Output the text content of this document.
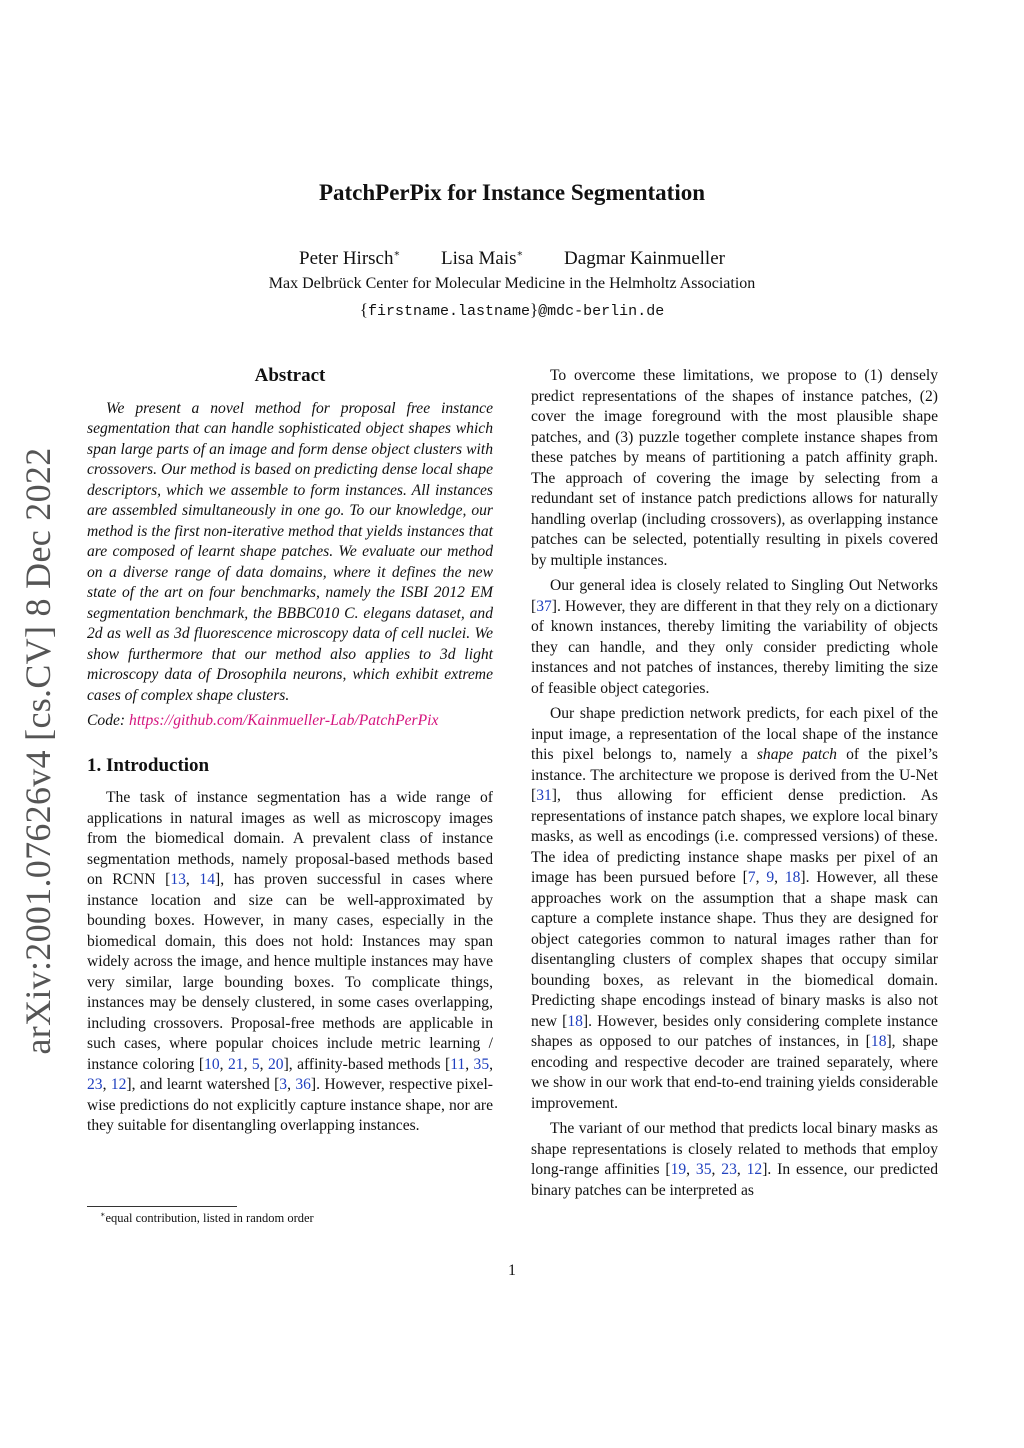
arXiv:2001.07626v4 [cs.CV] 8 Dec 2022
PatchPerPix for Instance Segmentation
Peter Hirsch∗ Lisa Mais∗ Dagmar Kainmueller
Max Delbrück Center for Molecular Medicine in the Helmholtz Association
{firstname.lastname}@mdc-berlin.de
Abstract

We present a novel method for proposal free instance segmentation that can handle sophisticated object shapes which span large parts of an image and form dense object clusters with crossovers. Our method is based on predicting dense local shape descriptors, which we assemble to form instances. All instances are assembled simultaneously in one go. To our knowledge, our method is the first non-iterative method that yields instances that are composed of learnt shape patches. We evaluate our method on a diverse range of data domains, where it defines the new state of the art on four benchmarks, namely the ISBI 2012 EM segmentation benchmark, the BBBC010 C. elegans dataset, and 2d as well as 3d fluorescence microscopy data of cell nuclei. We show furthermore that our method also applies to 3d light microscopy data of Drosophila neurons, which exhibit extreme cases of complex shape clusters.

Code: https://github.com/Kainmueller-Lab/PatchPerPix

1. Introduction

The task of instance segmentation has a wide range of applications in natural images as well as microscopy images from the biomedical domain. A prevalent class of instance segmentation methods, namely proposal-based methods based on RCNN [13, 14], has proven successful in cases where instance location and size can be well-approximated by bounding boxes. However, in many cases, especially in the biomedical domain, this does not hold: Instances may span widely across the image, and hence multiple instances may have very similar, large bounding boxes. To complicate things, instances may be densely clustered, in some cases overlapping, including crossovers. Proposal-free methods are applicable in such cases, where popular choices include metric learning / instance coloring [10, 21, 5, 20], affinity-based methods [11, 35, 23, 12], and learnt watershed [3, 36]. However, respective pixel-wise predictions do not explicitly capture instance shape, nor are they suitable for disentangling overlapping instances.

To overcome these limitations, we propose to (1) densely predict representations of the shapes of instance patches, (2) cover the image foreground with the most plausible shape patches, and (3) puzzle together complete instance shapes from these patches by means of partitioning a patch affinity graph. The approach of covering the image by selecting from a redundant set of instance patch predictions allows for naturally handling overlap (including crossovers), as overlapping instance patches can be selected, potentially resulting in pixels covered by multiple instances.

Our general idea is closely related to Singling Out Networks [37]. However, they are different in that they rely on a dictionary of known instances, thereby limiting the variability of objects they can handle, and they only consider predicting whole instances and not patches of instances, thereby limiting the size of feasible object categories.

Our shape prediction network predicts, for each pixel of the input image, a representation of the local shape of the instance this pixel belongs to, namely a shape patch of the pixel’s instance. The architecture we propose is derived from the U-Net [31], thus allowing for efficient dense prediction. As representations of instance patch shapes, we explore local binary masks, as well as encodings (i.e. compressed versions) of these. The idea of predicting instance shape masks per pixel of an image has been pursued before [7, 9, 18]. However, all these approaches work on the assumption that a shape mask can capture a complete instance shape. Thus they are designed for object categories common to natural images rather than for disentangling clusters of complex shapes that occupy similar bounding boxes, as relevant in the biomedical domain. Predicting shape encodings instead of binary masks is also not new [18]. However, besides only considering complete instance shapes as opposed to our patches of instances, in [18], shape encoding and respective decoder are trained separately, where we show in our work that end-to-end training yields considerable improvement.

The variant of our method that predicts local binary masks as shape representations is closely related to methods that employ long-range affinities [19, 35, 23, 12]. In essence, our predicted binary patches can be interpreted as

∗equal contribution, listed in random order
1
